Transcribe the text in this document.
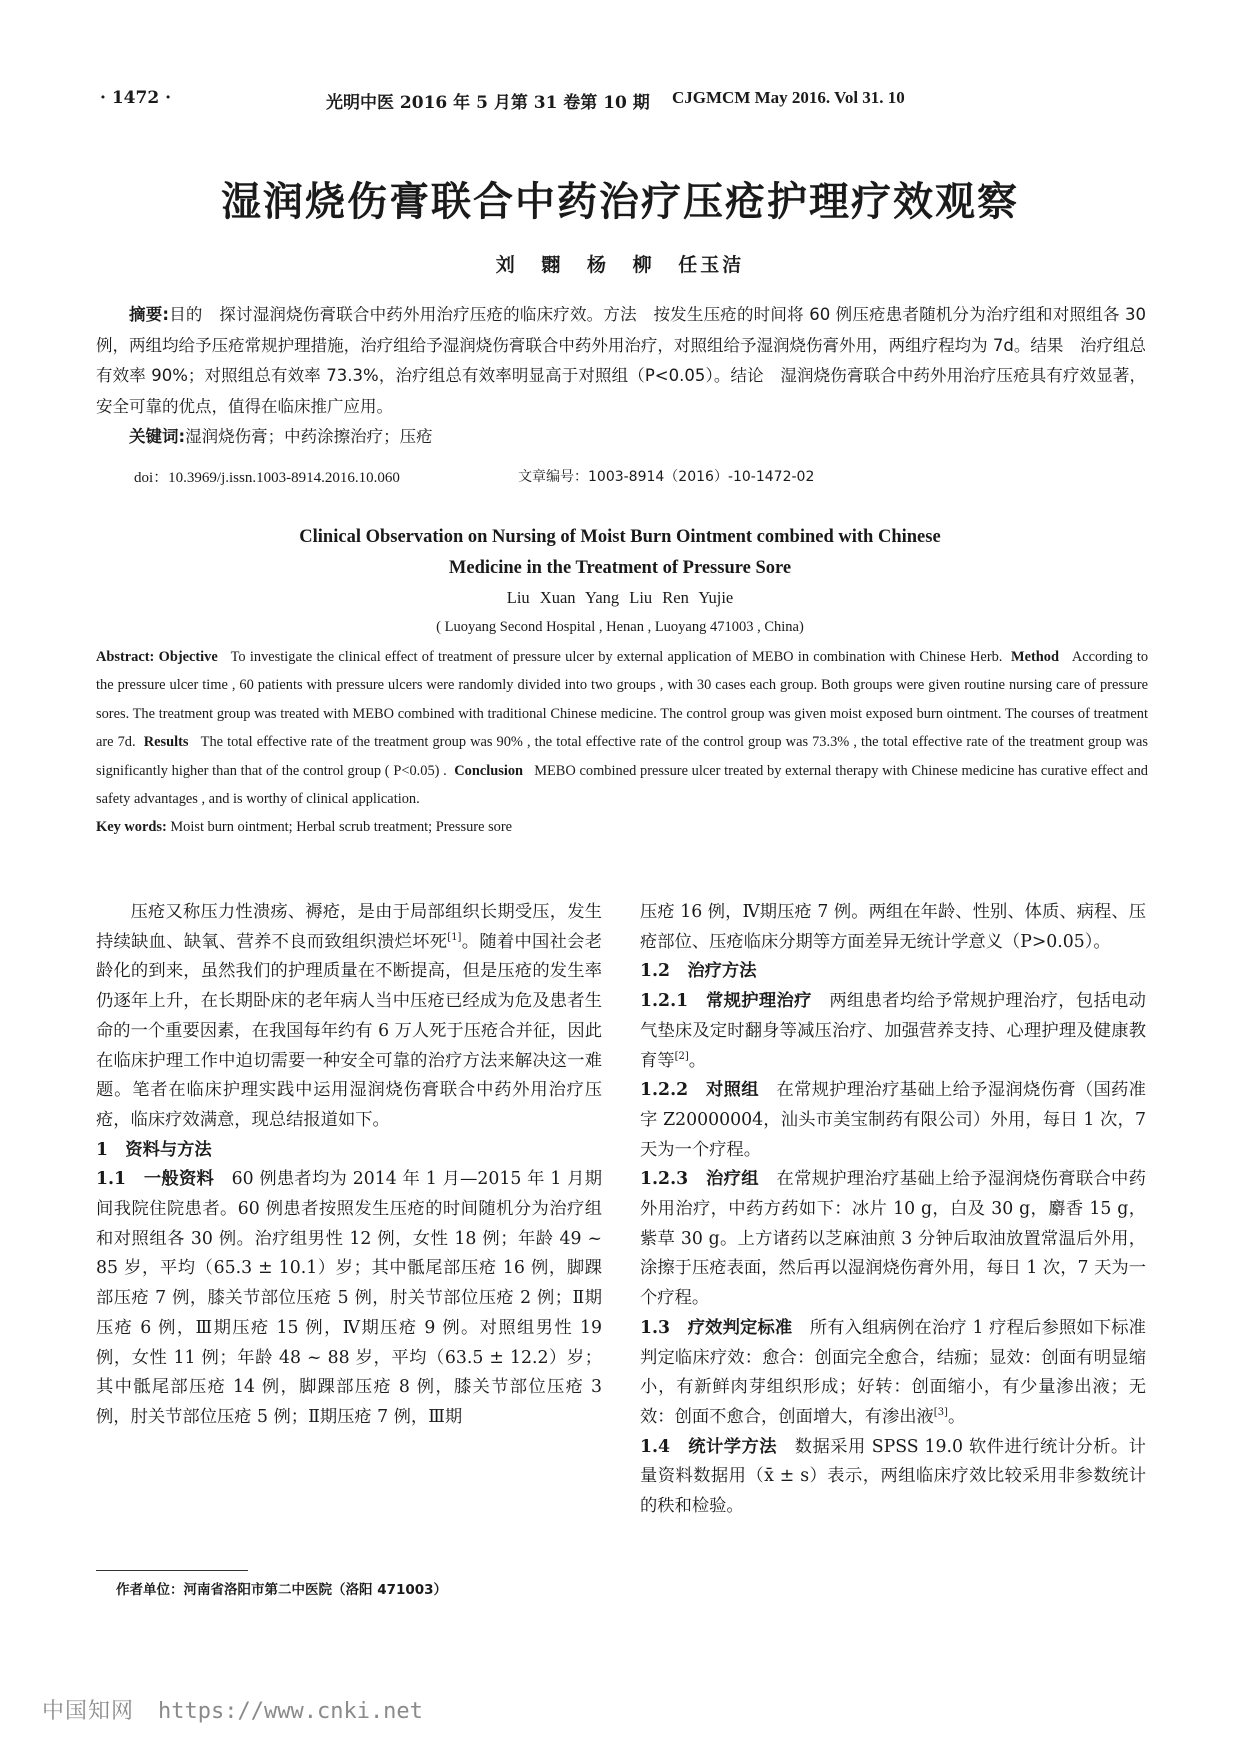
· 1472 ·	光明中医 2016 年 5 月第 31 卷第 10 期 CJGMCM May 2016. Vol 31. 10
湿润烧伤膏联合中药治疗压疮护理疗效观察
刘 翾 杨 柳 任玉洁

摘要:目的　探讨湿润烧伤膏联合中药外用治疗压疮的临床疗效。方法　按发生压疮的时间将 60 例压疮患者随机分为治疗组和对照组各 30 例，两组均给予压疮常规护理措施，治疗组给予湿润烧伤膏联合中药外用治疗，对照组给予湿润烧伤膏外用，两组疗程均为 7d。结果　治疗组总有效率 90%；对照组总有效率 73.3%，治疗组总有效率明显高于对照组（P<0.05）。结论　湿润烧伤膏联合中药外用治疗压疮具有疗效显著，安全可靠的优点，值得在临床推广应用。

关键词:湿润烧伤膏；中药涂擦治疗；压疮

doi：10.3969/j.issn.1003-8914.2016.10.060	文章编号：1003-8914（2016）-10-1472-02
Clinical Observation on Nursing of Moist Burn Ointment combined with Chinese
Medicine in the Treatment of Pressure Sore
Liu Xuan Yang Liu Ren Yujie
( Luoyang Second Hospital , Henan , Luoyang 471003 , China)

Abstract: Objective To investigate the clinical effect of treatment of pressure ulcer by external application of MEBO in combination with Chinese Herb. Method According to the pressure ulcer time , 60 patients with pressure ulcers were randomly divided into two groups , with 30 cases each group. Both groups were given routine nursing care of pressure sores. The treatment group was treated with MEBO combined with traditional Chinese medicine. The control group was given moist exposed burn ointment. The courses of treatment are 7d. Results The total effective rate of the treatment group was 90% , the total effective rate of the control group was 73.3% , the total effective rate of the treatment group was significantly higher than that of the control group ( P<0.05) . Conclusion MEBO combined pressure ulcer treated by external therapy with Chinese medicine has curative effect and safety advantages , and is worthy of clinical application.

Key words: Moist burn ointment; Herbal scrub treatment; Pressure sore

压疮又称压力性溃疡、褥疮，是由于局部组织长期受压，发生持续缺血、缺氧、营养不良而致组织溃烂坏死[1]。随着中国社会老龄化的到来，虽然我们的护理质量在不断提高，但是压疮的发生率仍逐年上升，在长期卧床的老年病人当中压疮已经成为危及患者生命的一个重要因素，在我国每年约有 6 万人死于压疮合并征，因此在临床护理工作中迫切需要一种安全可靠的治疗方法来解决这一难题。笔者在临床护理实践中运用湿润烧伤膏联合中药外用治疗压疮，临床疗效满意，现总结报道如下。

1　资料与方法

1.1　 一般资料　 60 例患者均为 2014 年 1 月—2015 年 1 月期间我院住院患者。60 例患者按照发生压疮的时间随机分为治疗组和对照组各 30 例。治疗组男性 12 例，女性 18 例；年龄 49 ~ 85 岁，平均（65.3 ± 10.1）岁；其中骶尾部压疮 16 例，脚踝部压疮 7 例，膝关节部位压疮 5 例，肘关节部位压疮 2 例；Ⅱ期压疮 6 例，Ⅲ期压疮 15 例，Ⅳ期压疮 9 例。对照组男性 19 例，女性 11 例；年龄 48 ~ 88 岁，平均（63.5 ± 12.2）岁；其中骶尾部压疮 14 例，脚踝部压疮 8 例，膝关节部位压疮 3 例，肘关节部位压疮 5 例；Ⅱ期压疮 7 例，Ⅲ期

压疮 16 例，Ⅳ期压疮 7 例。两组在年龄、性别、体质、病程、压疮部位、压疮临床分期等方面差异无统计学意义（P>0.05）。

1.2　治疗方法

1.2.1　 常规护理治疗　 两组患者均给予常规护理治疗，包括电动气垫床及定时翻身等减压治疗、加强营养支持、心理护理及健康教育等[2]。

1.2.2　 对照组　 在常规护理治疗基础上给予湿润烧伤膏（国药准字 Z20000004，汕头市美宝制药有限公司）外用，每日 1 次，7 天为一个疗程。

1.2.3　 治疗组　 在常规护理治疗基础上给予湿润烧伤膏联合中药外用治疗，中药方药如下：冰片 10 g，白及 30 g，麝香 15 g，紫草 30 g。上方诸药以芝麻油煎 3 分钟后取油放置常温后外用，涂擦于压疮表面，然后再以湿润烧伤膏外用，每日 1 次，7 天为一个疗程。

1.3　 疗效判定标准　 所有入组病例在治疗 1 疗程后参照如下标准判定临床疗效：愈合：创面完全愈合，结痂；显效：创面有明显缩小，有新鲜肉芽组织形成；好转：创面缩小，有少量渗出液；无效：创面不愈合，创面增大，有渗出液[3]。

1.4　 统计学方法　 数据采用 SPSS 19.0 软件进行统计分析。计量资料数据用（x̄ ± s）表示，两组临床疗效比较采用非参数统计的秩和检验。

作者单位：河南省洛阳市第二中医院（洛阳 471003）
中国知网 https://www.cnki.net
